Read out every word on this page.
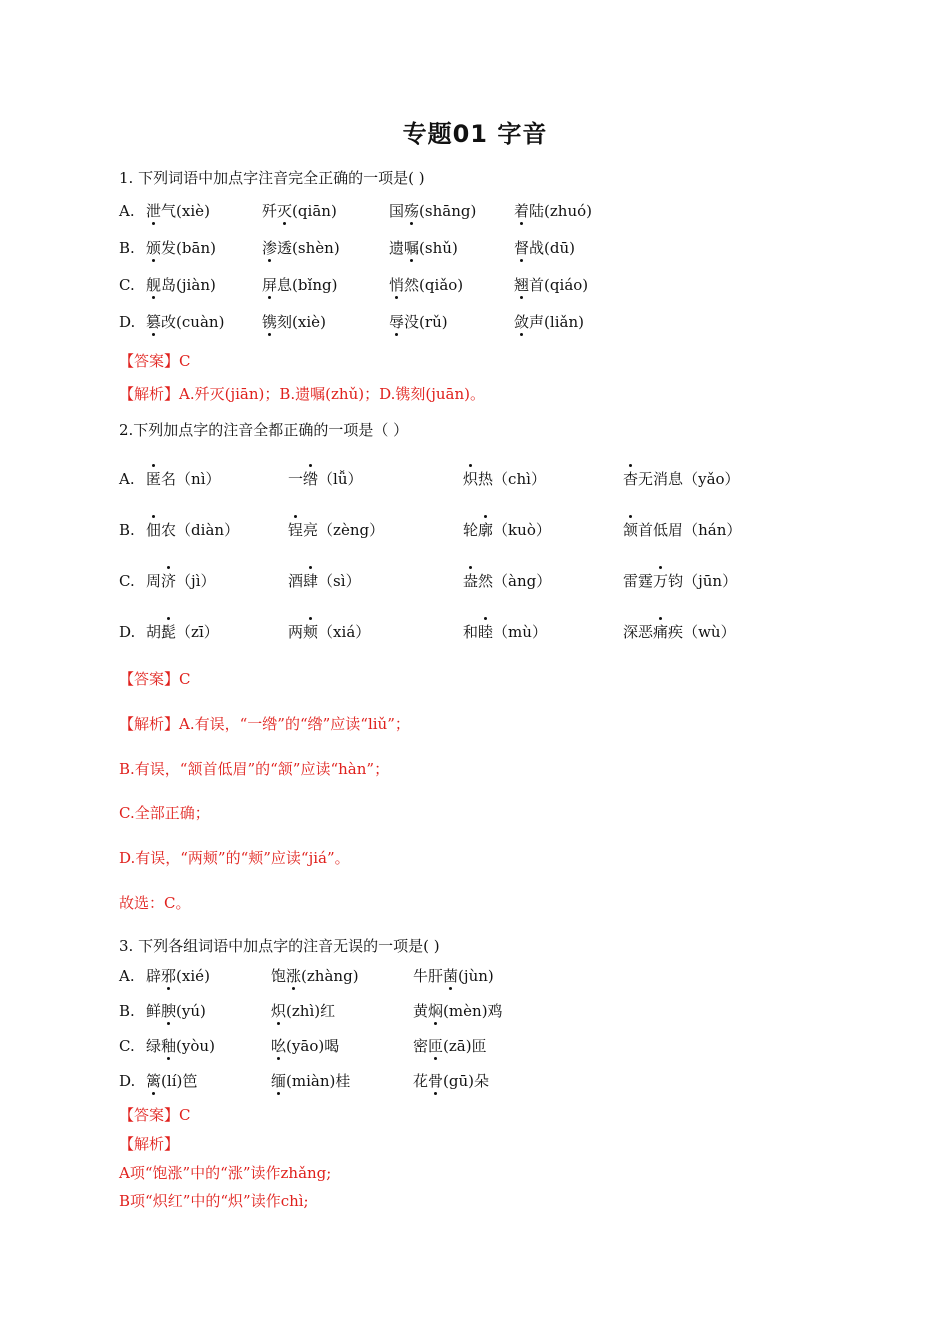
专题01 字音
1. 下列词语中加点字注音完全正确的一项是( )
A. 泄气(xiè)	歼灭(qiān)	国殇(shāng)	着陆(zhuó)
B. 颁发(bān)	渗透(shèn)	遗嘱(shǔ)	督战(dū)
C. 舰岛(jiàn)	屏息(bǐng)	悄然(qiǎo)	翘首(qiáo)
D. 篡改(cuàn)	镌刻(xiè)	辱没(rǔ)	敛声(liǎn)
【答案】C
【解析】A.歼灭(jiān)；B.遗嘱(zhǔ)；D.镌刻(juān)。
2.下列加点字的注音全都正确的一项是（ ）
A. 匿名（nì）	一绺（lǚ）	炽热（chì）	杳无消息（yǎo）
B. 佃农（diàn）	锃亮（zèng）	轮廓（kuò）	颔首低眉（hán）
C. 周济（jì）	酒肆（sì）	盎然（àng）	雷霆万钧（jūn）
D. 胡髭（zī）	两颊（xiá）	和睦（mù）	深恶痛疾（wù）
【答案】C
【解析】A.有误，“一绺”的“绺”应读“liǔ”；
B.有误，“颔首低眉”的“颔”应读“hàn”；
C.全部正确；
D.有误，“两颊”的“颊”应读“jiá”。
故选：C。
3. 下列各组词语中加点字的注音无误的一项是( )
A. 辟邪(xié)	饱涨(zhàng)	牛肝菌(jùn)
B. 鲜腴(yú)	炽(zhì)红	黄焖(mèn)鸡
C. 绿釉(yòu)	吆(yāo)喝	密匝(zā)匝
D. 篱(lí)笆	缅(miàn)桂	花骨(gū)朵
【答案】C
【解析】
A项“饱涨”中的“涨”读作zhǎng;
B项“炽红”中的“炽”读作chì;
